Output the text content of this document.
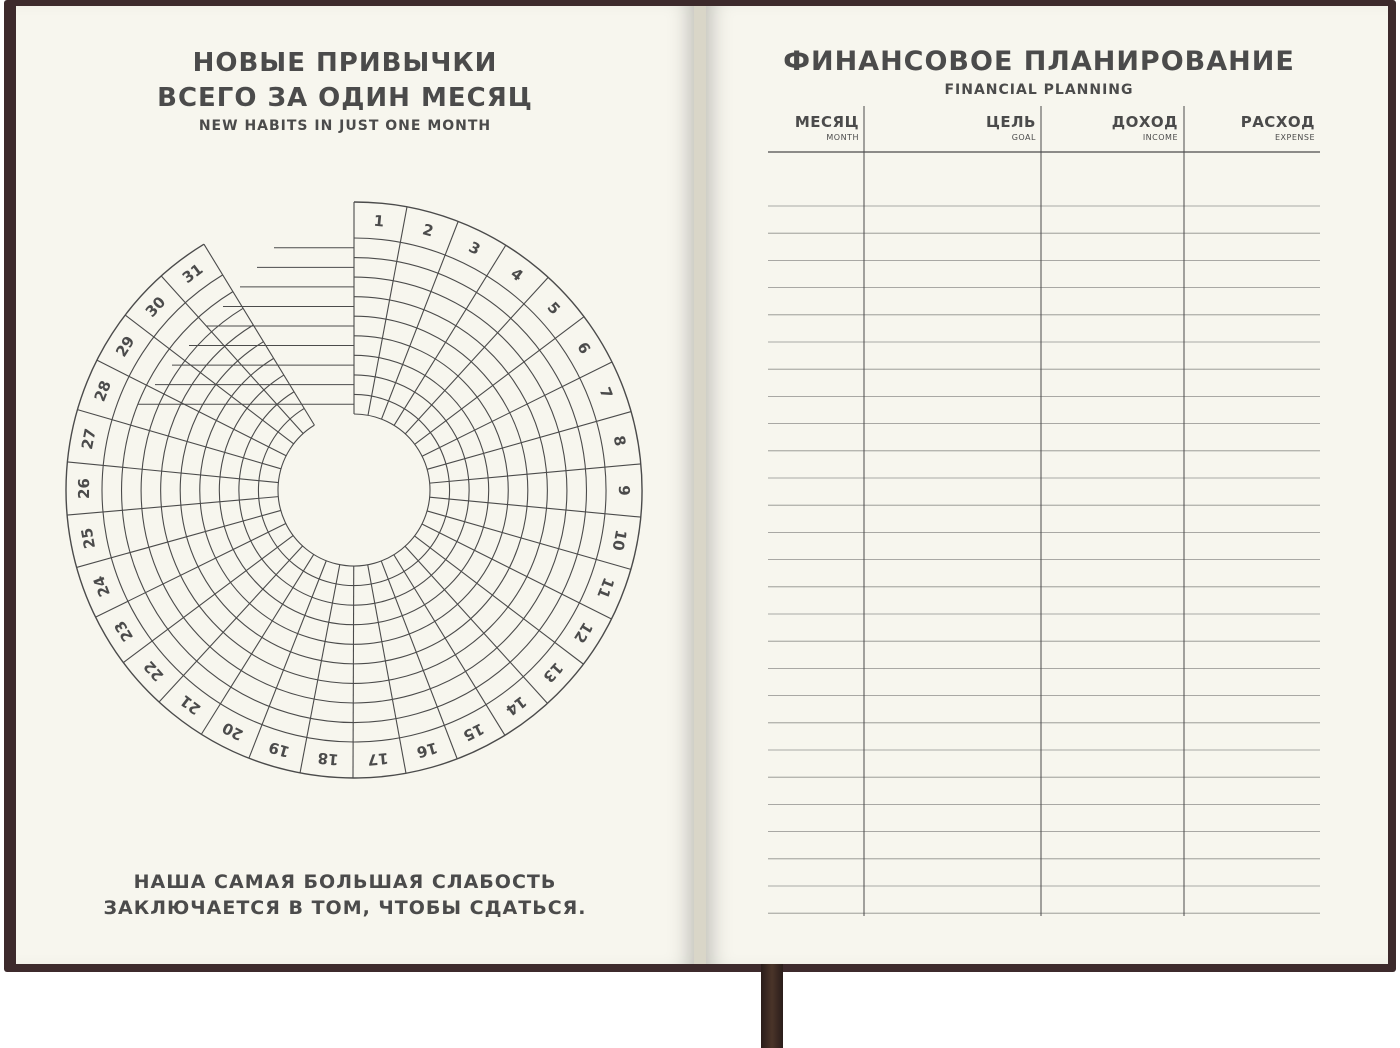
НОВЫЕ ПРИВЫЧКИ
ВСЕГО ЗА ОДИН МЕСЯЦ
NEW HABITS IN JUST ONE MONTH
1 2
3
4
5
6
7
8
9
10
11
12
13
14
15
16
17
18
19
20
21
22
23
24
25
26
27
28
29
30
31
НАША САМАЯ БОЛЬШАЯ СЛАБОСТЬ
ЗАКЛЮЧАЕТСЯ В ТОМ, ЧТОБЫ СДАТЬСЯ.
ФИНАНСОВОЕ ПЛАНИРОВАНИЕ
FINANCIAL PLANNING
МЕСЯЦ
MONTH
ЦЕЛЬ
GOAL
ДОХОД
INCOME
РАСХОД
EXPENSE
